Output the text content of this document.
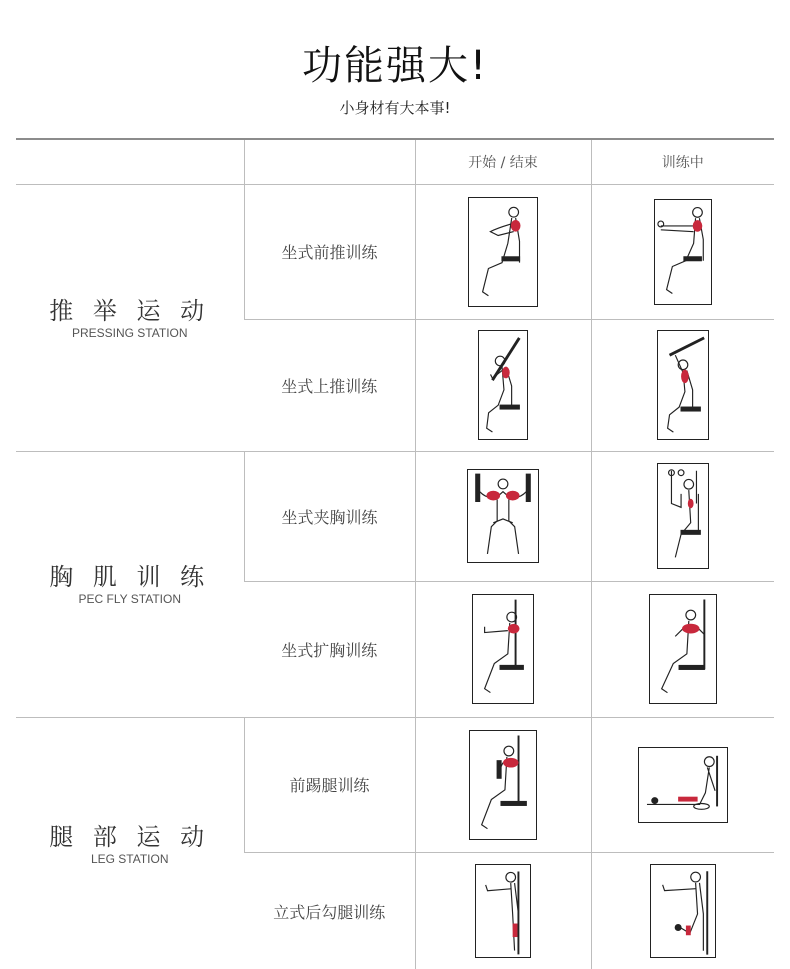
功能强大!
小身材有大本事!
		开始 / 结束	训练中

推 举 运 动
PRESSING STATION	坐式前推训练	

	坐式上推训练	

胸 肌 训 练
PEC FLY STATION	坐式夹胸训练	

	坐式扩胸训练	

腿 部 运 动
LEG STATION	前踢腿训练	

	立式后勾腿训练	
